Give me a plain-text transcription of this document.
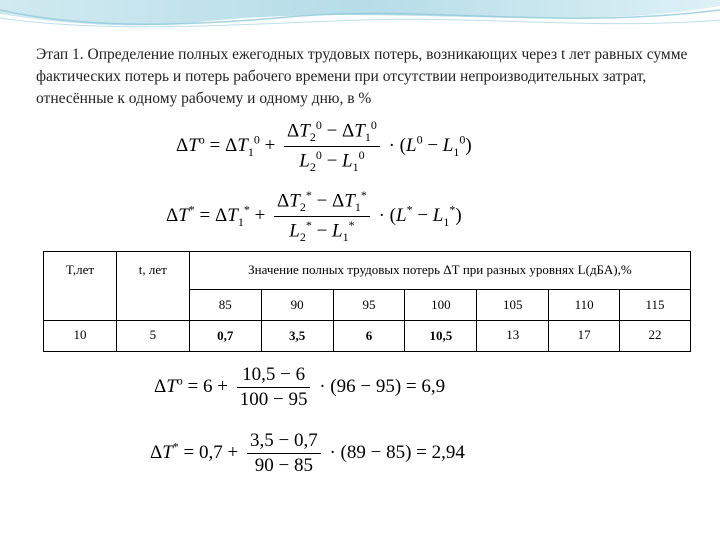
Этап 1. Определение полных ежегодных трудовых потерь, возникающих через t лет равных сумме фактических потерь и потерь рабочего времени при отсутствии непроизводительных затрат, отнесённые к одному рабочему и одному дню, в %
$\Delta T^o = \Delta T_1^0 + \frac{\Delta T_2^0 - \Delta T_1^0}{L_2^0 - L_1^0} \cdot (L^0 - L_1^0)$
$\Delta T^* = \Delta T_1^* + \frac{\Delta T_2^* - \Delta T_1^*}{L_2^* - L_1^*} \cdot (L^* - L_1^*)$
T,лет	t, лет	Значение полных трудовых потерь ΔТ при разных уровнях L(дБА),%						
		85	90	95	100	105	110	115
10	5	0,7	3,5	6	10,5	13	17	22
$\Delta T^o = 6 + \frac{10,5 - 6}{100 - 95} \cdot (96 - 95) = 6,9$
$\Delta T^* = 0,7 + \frac{3,5 - 0,7}{90 - 85} \cdot (89 - 85) = 2,94$
